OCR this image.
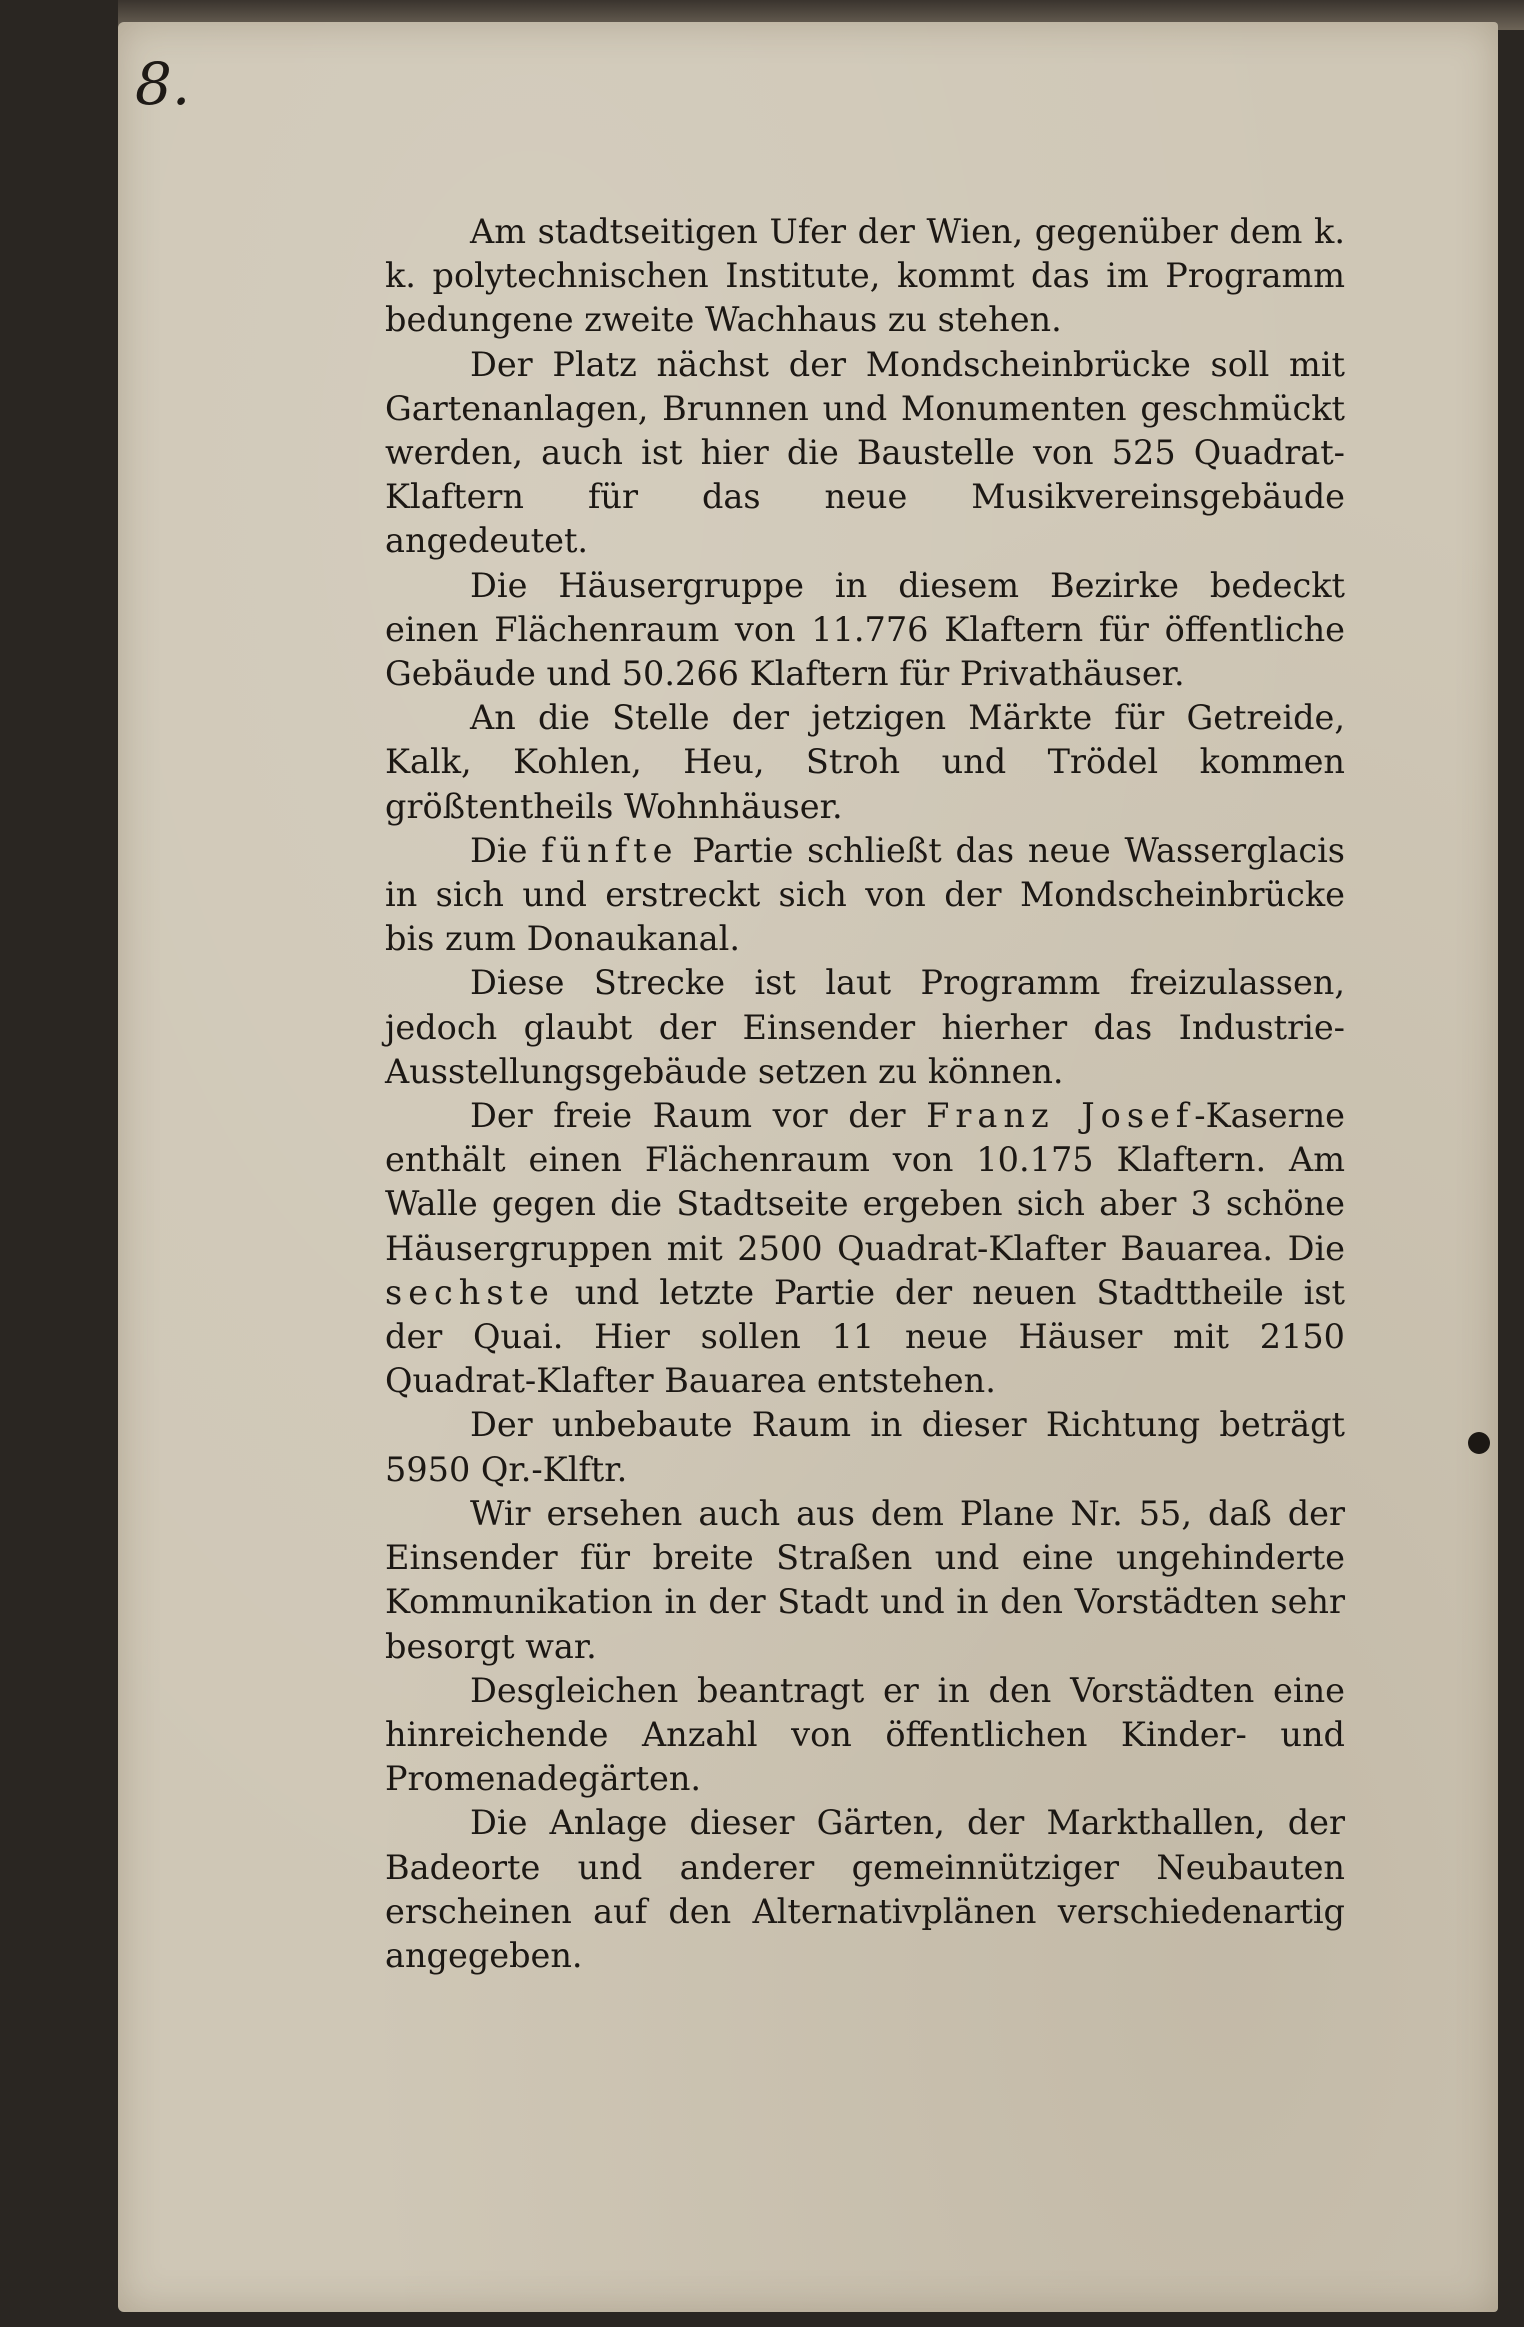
8.

Am stadtseitigen Ufer der Wien, gegenüber dem k. k. polytechnischen Institute, kommt das im Programm bedungene zweite Wachhaus zu stehen.

Der Platz nächst der Mondscheinbrücke soll mit Gartenanlagen, Brunnen und Monumenten geschmückt werden, auch ist hier die Baustelle von 525 Quadrat-Klaftern für das neue Musikvereinsgebäude angedeutet.

Die Häusergruppe in diesem Bezirke bedeckt einen Flächenraum von 11.776 Klaftern für öffentliche Gebäude und 50.266 Klaftern für Privathäuser.

An die Stelle der jetzigen Märkte für Getreide, Kalk, Kohlen, Heu, Stroh und Trödel kommen größtentheils Wohnhäuser.

Die fünfte Partie schließt das neue Wasserglacis in sich und erstreckt sich von der Mondscheinbrücke bis zum Donaukanal.

Diese Strecke ist laut Programm freizulassen, jedoch glaubt der Einsender hierher das Industrie-Ausstellungsgebäude setzen zu können.

Der freie Raum vor der Franz Josef-Kaserne enthält einen Flächenraum von 10.175 Klaftern. Am Walle gegen die Stadtseite ergeben sich aber 3 schöne Häusergruppen mit 2500 Quadrat-Klafter Bauarea. Die sechste und letzte Partie der neuen Stadttheile ist der Quai. Hier sollen 11 neue Häuser mit 2150 Quadrat-Klafter Bauarea entstehen.

Der unbebaute Raum in dieser Richtung beträgt 5950 Qr.-Klftr.

Wir ersehen auch aus dem Plane Nr. 55, daß der Einsender für breite Straßen und eine ungehinderte Kommunikation in der Stadt und in den Vorstädten sehr besorgt war.

Desgleichen beantragt er in den Vorstädten eine hinreichende Anzahl von öffentlichen Kinder- und Promenadegärten.

Die Anlage dieser Gärten, der Markthallen, der Badeorte und anderer gemeinnütziger Neubauten erscheinen auf den Alternativplänen verschiedenartig angegeben.
